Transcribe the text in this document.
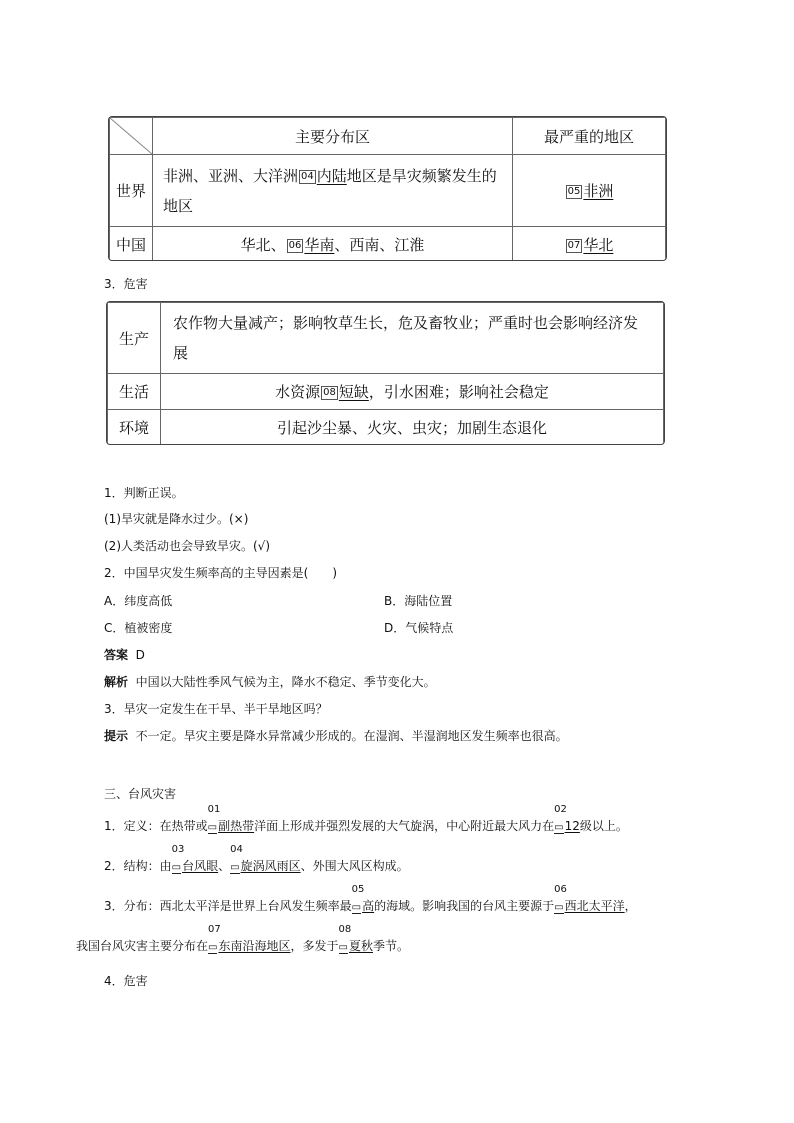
	主要分布区	最严重的地区
世界	非洲、亚洲、大洋洲 04 内陆地区是旱灾频繁发生的地区	05 非洲
中国	华北、 06 华南、西南、江淮	07 华北
3．危害
生产	农作物大量减产；影响牧草生长，危及畜牧业；严重时也会影响经济发展
生活	水资源 08 短缺，引水困难；影响社会稳定
环境	引起沙尘暴、火灾、虫灾；加剧生态退化
1．判断正误。
(1)旱灾就是降水过少。(×)
(2)人类活动也会导致旱灾。(√)
2．中国旱灾发生频率高的主导因素是(　　)
A．纬度高低	B．海陆位置
C．植被密度	D．气候特点
答案 D
解析 中国以大陆性季风气候为主，降水不稳定、季节变化大。
3．旱灾一定发生在干旱、半干旱地区吗？
提示 不一定。旱灾主要是降水异常减少形成的。在湿润、半湿润地区发生频率也很高。
三、台风灾害
1．定义：在热带或
01
▭副热带洋面上形成并强烈发展的大气旋涡，中心附近最大风力在
02
▭12级以上。
2．结构：由
03
▭台风眼、
04
▭旋涡风雨区、外围大风区构成。
3．分布：西北太平洋是世界上台风发生频率最
05
▭高的海域。影响我国的台风主要源于
06
▭西北太平洋，
我国台风灾害主要分布在
07
▭东南沿海地区，多发于
08
▭夏秋季节。
4．危害
